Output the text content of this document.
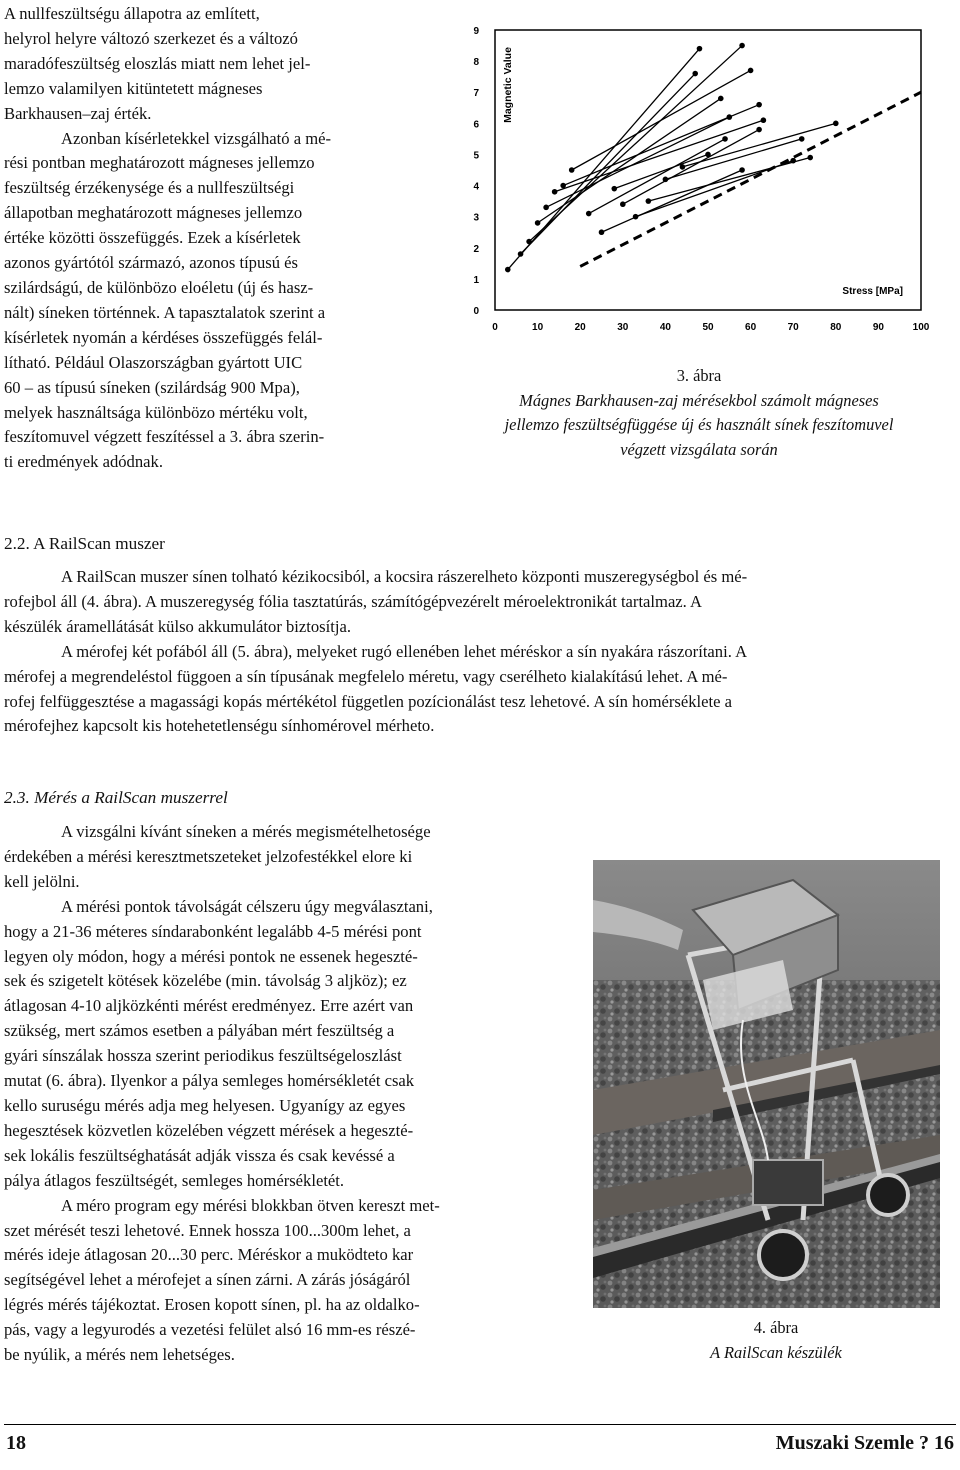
A nullfeszültségu állapotra az említett,
helyrol helyre változó szerkezet és a változó
maradófeszültség eloszlás miatt nem lehet jel-
lemzo valamilyen kitüntetett mágneses
Barkhausen–zaj érték.

Azonban kísérletekkel vizsgálható a mé-
rési pontban meghatározott mágneses jellemzo
feszültség érzékenysége és a nullfeszültségi
állapotban meghatározott mágneses jellemzo
értéke közötti összefüggés. Ezek a kísérletek
azonos gyártótól származó, azonos típusú és
szilárdságú, de különbözo eloéletu (új és hasz-
nált) síneken történnek. A tapasztalatok szerint a
kísérletek nyomán a kérdéses összefüggés felál-
lítható. Például Olaszországban gyártott UIC
60 – as típusú síneken (szilárdság 900 Mpa),
melyek használtsága különbözo mértéku volt,
feszítomuvel végzett feszítéssel a 3. ábra szerin-
ti eredmények adódnak.

0
1
2
3
4
5
6
7
8
9
0	10	20	30	40	50	60	70	80	90	100
Magnetic Value
Stress [MPa]
3. ábra
Mágnes Barkhausen-zaj mérésekbol számolt mágneses
jellemzo feszültségfüggése új és használt sínek feszítomuvel
végzett vizsgálata során
2.2. A RailScan muszer

A RailScan muszer sínen tolható kézikocsiból, a kocsira rászerelheto központi muszeregységbol és mé-
rofejbol áll (4. ábra). A muszeregység fólia tasztatúrás, számítógépvezérelt méroelektronikát tartalmaz. A
készülék áramellátását külso akkumulátor biztosítja.

A mérofej két pofából áll (5. ábra), melyeket rugó ellenében lehet méréskor a sín nyakára rászorítani. A
mérofej a megrendeléstol függoen a sín típusának megfelelo méretu, vagy cserélheto kialakítású lehet. A mé-
rofej felfüggesztése a magassági kopás mértékétol független pozícionálást tesz lehetové. A sín homérséklete a
mérofejhez kapcsolt kis hotehetetlenségu sínhomérovel mérheto.

2.3. Mérés a RailScan muszerrel

A vizsgálni kívánt síneken a mérés megismételhetosége
érdekében a mérési keresztmetszeteket jelzofestékkel elore ki
kell jelölni.

A mérési pontok távolságát célszeru úgy megválasztani,
hogy a 21-36 méteres síndarabonként legalább 4-5 mérési pont
legyen oly módon, hogy a mérési pontok ne essenek hegeszté-
sek és szigetelt kötések közelébe (min. távolság 3 aljköz); ez
átlagosan 4-10 aljközkénti mérést eredményez. Erre azért van
szükség, mert számos esetben a pályában mért feszültség a
gyári sínszálak hossza szerint periodikus feszültségeloszlást
mutat (6. ábra). Ilyenkor a pálya semleges homérsékletét csak
kello suruségu mérés adja meg helyesen. Ugyanígy az egyes
hegesztések közvetlen közelében végzett mérések a hegeszté-
sek lokális feszültséghatását adják vissza és csak kevéssé a
pálya átlagos feszültségét, semleges homérsékletét.

A méro program egy mérési blokkban ötven kereszt met-
szet mérését teszi lehetové. Ennek hossza 100...300m lehet, a
mérés ideje átlagosan 20...30 perc. Méréskor a muködteto kar
segítségével lehet a mérofejet a sínen zárni. A zárás jóságáról
légrés mérés tájékoztat. Erosen kopott sínen, pl. ha az oldalko-
pás, vagy a legyurodés a vezetési felület alsó 16 mm-es részé-
be nyúlik, a mérés nem lehetséges.

4. ábra
A RailScan készülék
18	Muszaki Szemle ? 16
